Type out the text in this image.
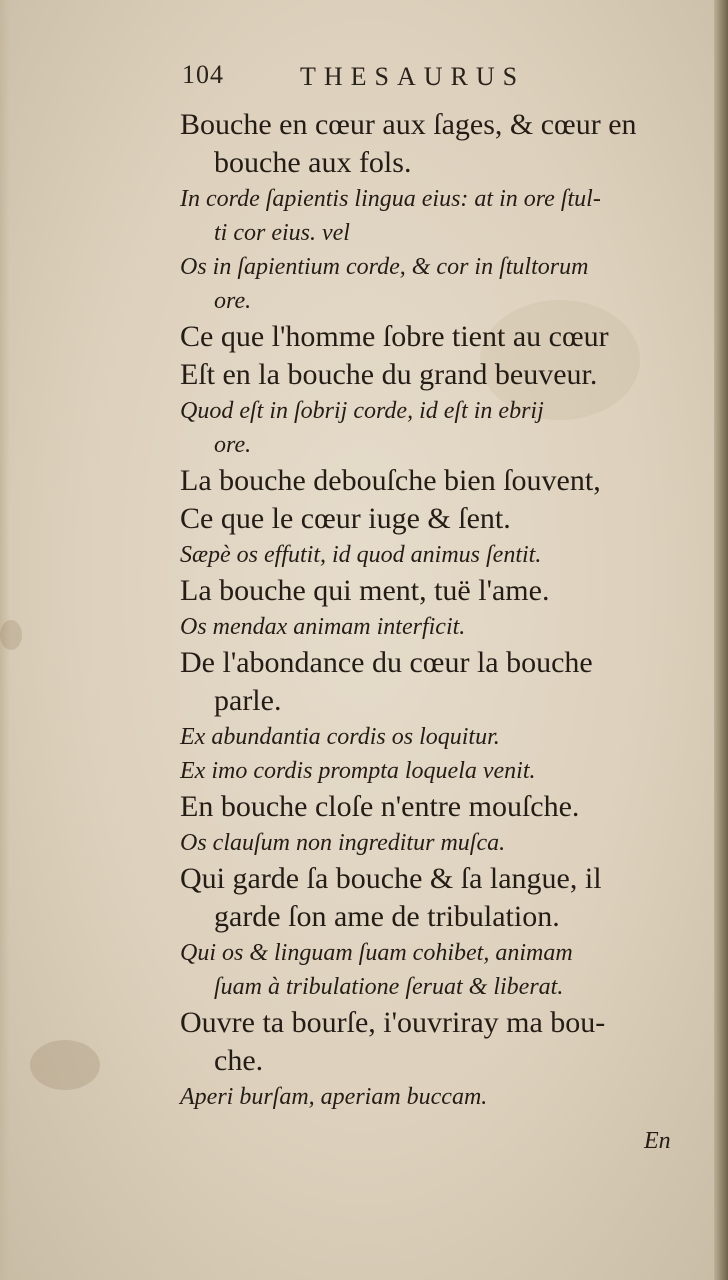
104	THESAURUS

Bouche en cœur aux ſages, & cœur en

bouche aux fols.

In corde ſapientis lingua eius: at in ore ſtul-

ti cor eius. vel

Os in ſapientium corde, & cor in ſtultorum

ore.

Ce que l'homme ſobre tient au cœur

Eſt en la bouche du grand beuveur.

Quod eſt in ſobrij corde, id eſt in ebrij

ore.

La bouche debouſche bien ſouvent,

Ce que le cœur iuge & ſent.

Sæpè os effutit, id quod animus ſentit.

La bouche qui ment, tuë l'ame.

Os mendax animam interficit.

De l'abondance du cœur la bouche

parle.

Ex abundantia cordis os loquitur.

Ex imo cordis prompta loquela venit.

En bouche cloſe n'entre mouſche.

Os clauſum non ingreditur muſca.

Qui garde ſa bouche & ſa langue, il

garde ſon ame de tribulation.

Qui os & linguam ſuam cohibet, animam

ſuam à tribulatione ſeruat & liberat.

Ouvre ta bourſe, i'ouvriray ma bou-

che.

Aperi burſam, aperiam buccam.

En
